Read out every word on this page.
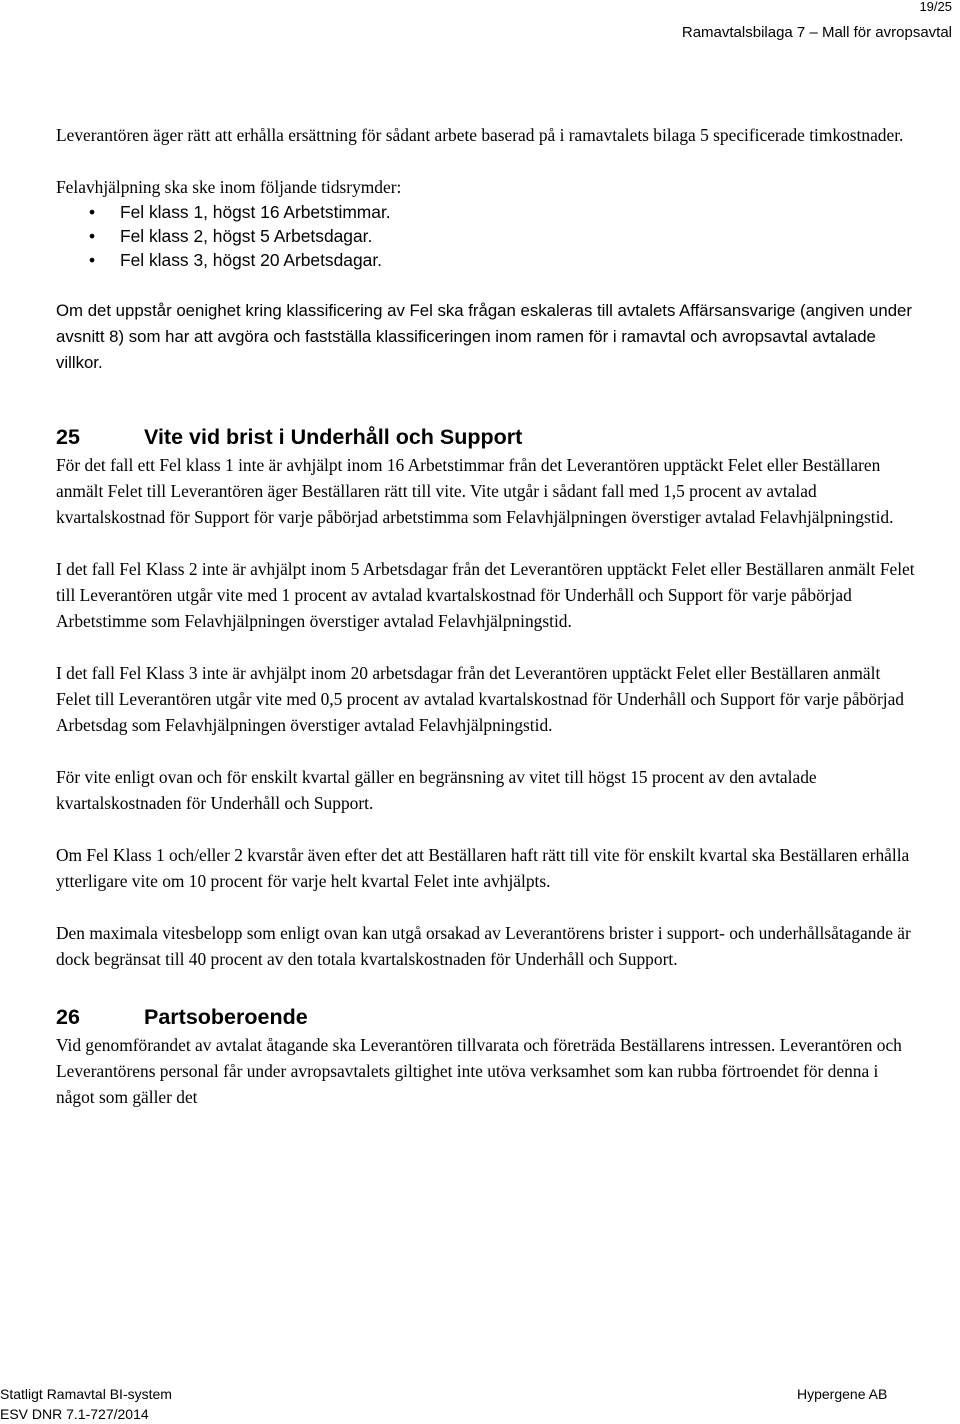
19/25
Ramavtalsbilaga 7 – Mall för avropsavtal

Leverantören äger rätt att erhålla ersättning för sådant arbete baserad på i ramavtalets bilaga 5 specificerade timkostnader.

Felavhjälpning ska ske inom följande tidsrymder:

• Fel klass 1, högst 16 Arbetstimmar.
• Fel klass 2, högst 5 Arbetsdagar.
• Fel klass 3, högst 20 Arbetsdagar.

Om det uppstår oenighet kring klassificering av Fel ska frågan eskaleras till avtalets Affärsansvarige (angiven under avsnitt 8) som har att avgöra och fastställa klassificeringen inom ramen för i ramavtal och avropsavtal avtalade villkor.

25	Vite vid brist i Underhåll och Support

För det fall ett Fel klass 1 inte är avhjälpt inom 16 Arbetstimmar från det Leverantören upptäckt Felet eller Beställaren anmält Felet till Leverantören äger Beställaren rätt till vite. Vite utgår i sådant fall med 1,5 procent av avtalad kvartalskostnad för Support för varje påbörjad arbetstimma som Felavhjälpningen överstiger avtalad Felavhjälpningstid.

I det fall Fel Klass 2 inte är avhjälpt inom 5 Arbetsdagar från det Leverantören upptäckt Felet eller Beställaren anmält Felet till Leverantören utgår vite med 1 procent av avtalad kvartalskostnad för Underhåll och Support för varje påbörjad Arbetstimme som Felavhjälpningen överstiger avtalad Felavhjälpningstid.

I det fall Fel Klass 3 inte är avhjälpt inom 20 arbetsdagar från det Leverantören upptäckt Felet eller Beställaren anmält Felet till Leverantören utgår vite med 0,5 procent av avtalad kvartalskostnad för Underhåll och Support för varje påbörjad Arbetsdag som Felavhjälpningen överstiger avtalad Felavhjälpningstid.

För vite enligt ovan och för enskilt kvartal gäller en begränsning av vitet till högst 15 procent av den avtalade kvartalskostnaden för Underhåll och Support.

Om Fel Klass 1 och/eller 2 kvarstår även efter det att Beställaren haft rätt till vite för enskilt kvartal ska Beställaren erhålla ytterligare vite om 10 procent för varje helt kvartal Felet inte avhjälpts.

Den maximala vitesbelopp som enligt ovan kan utgå orsakad av Leverantörens brister i support- och underhållsåtagande är dock begränsat till 40 procent av den totala kvartalskostnaden för Underhåll och Support.

26	Partsoberoende

Vid genomförandet av avtalat åtagande ska Leverantören tillvarata och företräda Beställarens intressen. Leverantören och Leverantörens personal får under avropsavtalets giltighet inte utöva verksamhet som kan rubba förtroendet för denna i något som gäller det

Statligt Ramavtal BI-system
ESV DNR 7.1-727/2014
Hypergene AB
